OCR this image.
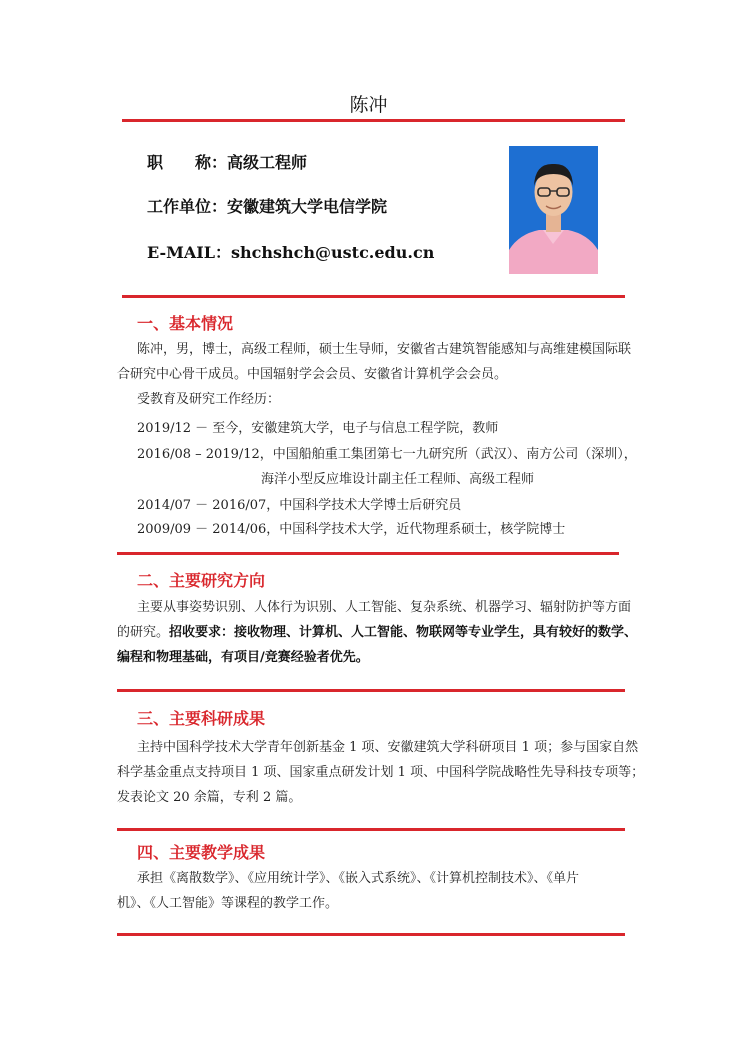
陈冲
职　　称：高级工程师
工作单位：安徽建筑大学电信学院
E-MAIL：shchshch@ustc.edu.cn
一、基本情况
陈冲，男，博士，高级工程师，硕士生导师，安徽省古建筑智能感知与高维建模国际联
合研究中心骨干成员。中国辐射学会会员、安徽省计算机学会会员。
受教育及研究工作经历：
2019/12 － 至今，安徽建筑大学，电子与信息工程学院，教师
2016/08 – 2019/12，中国船舶重工集团第七一九研究所（武汉）、南方公司（深圳），
海洋小型反应堆设计副主任工程师、高级工程师
2014/07 － 2016/07，中国科学技术大学博士后研究员
2009/09 － 2014/06，中国科学技术大学，近代物理系硕士，核学院博士
二、主要研究方向
主要从事姿势识别、人体行为识别、人工智能、复杂系统、机器学习、辐射防护等方面
的研究。招收要求：接收物理、计算机、人工智能、物联网等专业学生，具有较好的数学、
编程和物理基础，有项目/竞赛经验者优先。
三、主要科研成果
主持中国科学技术大学青年创新基金 1 项、安徽建筑大学科研项目 1 项；参与国家自然
科学基金重点支持项目 1 项、国家重点研发计划 1 项、中国科学院战略性先导科技专项等；
发表论文 20 余篇，专利 2 篇。
四、主要教学成果
承担《离散数学》、《应用统计学》、《嵌入式系统》、《计算机控制技术》、《单片
机》、《人工智能》等课程的教学工作。
